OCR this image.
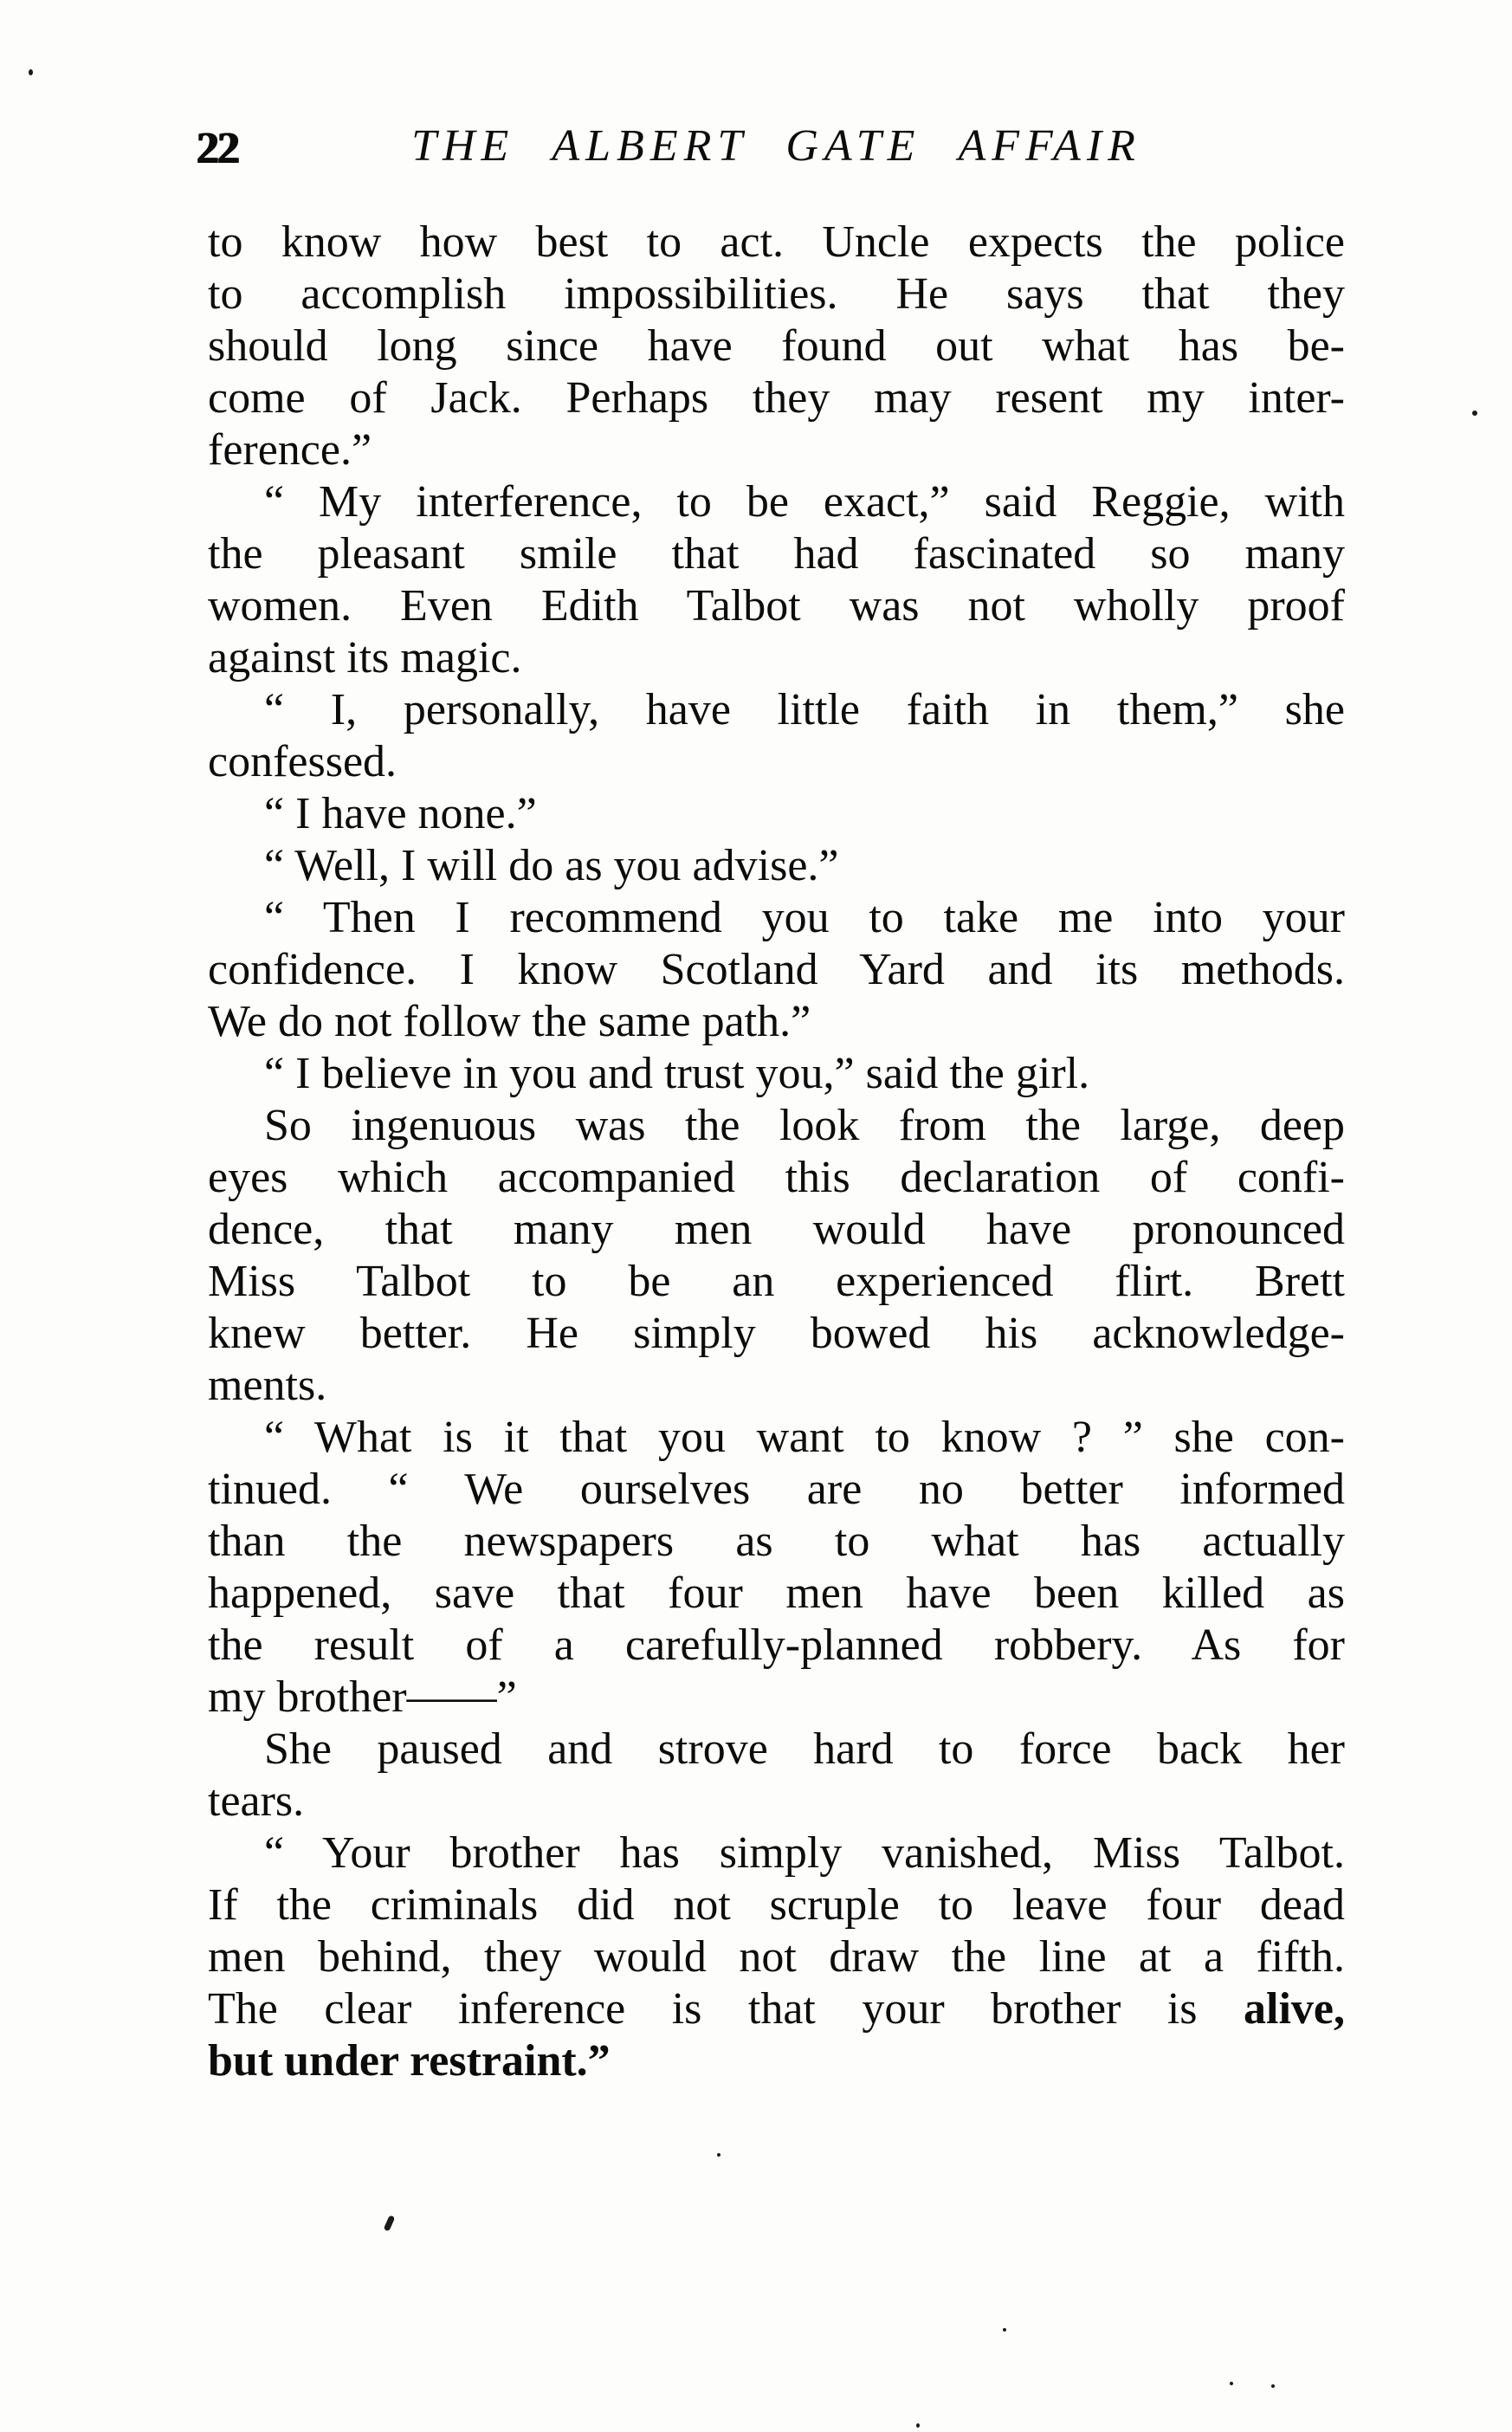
22	THE ALBERT GATE AFFAIR
to know how best to act. Uncle expects the police
to accomplish impossibilities. He says that they
should long since have found out what has be-
come of Jack. Perhaps they may resent my inter-
ference.”
“ My interference, to be exact,” said Reggie, with
the pleasant smile that had fascinated so many
women. Even Edith Talbot was not wholly proof
against its magic.
“ I, personally, have little faith in them,” she
confessed.
“ I have none.”
“ Well, I will do as you advise.”
“ Then I recommend you to take me into your
confidence. I know Scotland Yard and its methods.
We do not follow the same path.”
“ I believe in you and trust you,” said the girl.
So ingenuous was the look from the large, deep
eyes which accompanied this declaration of confi-
dence, that many men would have pronounced
Miss Talbot to be an experienced flirt. Brett
knew better. He simply bowed his acknowledge-
ments.
“ What is it that you want to know ? ” she con-
tinued. “ We ourselves are no better informed
than the newspapers as to what has actually
happened, save that four men have been killed as
the result of a carefully-planned robbery. As for
my brother——”
She paused and strove hard to force back her
tears.
“ Your brother has simply vanished, Miss Talbot.
If the criminals did not scruple to leave four dead
men behind, they would not draw the line at a fifth.
The clear inference is that your brother is alive,
but under restraint.”
